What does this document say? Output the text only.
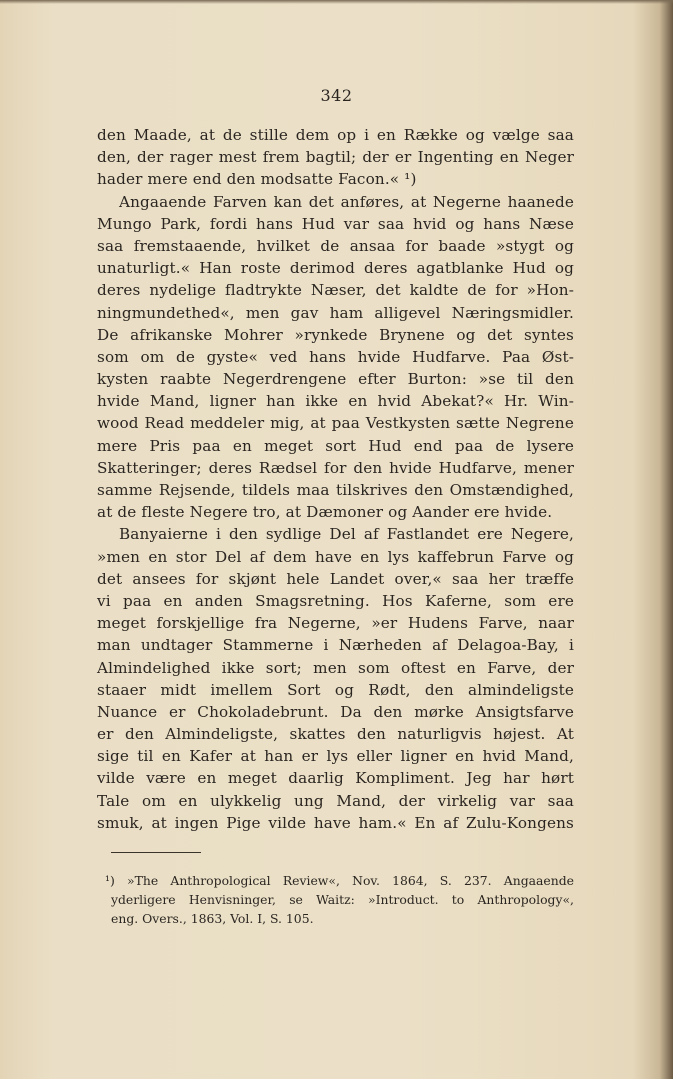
342
den Maade, at de stille dem op i en Række og vælge saa
den, der rager mest frem bagtil; der er Ingenting en Neger
hader mere end den modsatte Facon.« ¹)
Angaaende Farven kan det anføres, at Negerne haanede
Mungo Park, fordi hans Hud var saa hvid og hans Næse
saa fremstaaende, hvilket de ansaa for baade »stygt og
unaturligt.« Han roste derimod deres agatblanke Hud og
deres nydelige fladtrykte Næser, det kaldte de for »Hon-
ningmundethed«, men gav ham alligevel Næringsmidler.
De afrikanske Mohrer »rynkede Brynene og det syntes
som om de gyste« ved hans hvide Hudfarve. Paa Øst-
kysten raabte Negerdrengene efter Burton: »se til den
hvide Mand, ligner han ikke en hvid Abekat?« Hr. Win-
wood Read meddeler mig, at paa Vestkysten sætte Negrene
mere Pris paa en meget sort Hud end paa de lysere
Skatteringer; deres Rædsel for den hvide Hudfarve, mener
samme Rejsende, tildels maa tilskrives den Omstændighed,
at de fleste Negere tro, at Dæmoner og Aander ere hvide.
Banyaierne i den sydlige Del af Fastlandet ere Negere,
»men en stor Del af dem have en lys kaffebrun Farve og
det ansees for skjønt hele Landet over,« saa her træffe
vi paa en anden Smagsretning. Hos Kaferne, som ere
meget forskjellige fra Negerne, »er Hudens Farve, naar
man undtager Stammerne i Nærheden af Delagoa-Bay, i
Almindelighed ikke sort; men som oftest en Farve, der
staaer midt imellem Sort og Rødt, den almindeligste
Nuance er Chokoladebrunt. Da den mørke Ansigtsfarve
er den Almindeligste, skattes den naturligvis højest. At
sige til en Kafer at han er lys eller ligner en hvid Mand,
vilde være en meget daarlig Kompliment. Jeg har hørt
Tale om en ulykkelig ung Mand, der virkelig var saa
smuk, at ingen Pige vilde have ham.« En af Zulu-Kongens
¹) »The Anthropological Review«, Nov. 1864, S. 237. Angaaende
yderligere Henvisninger, se Waitz: »Introduct. to Anthropology«,
eng. Overs., 1863, Vol. I, S. 105.
